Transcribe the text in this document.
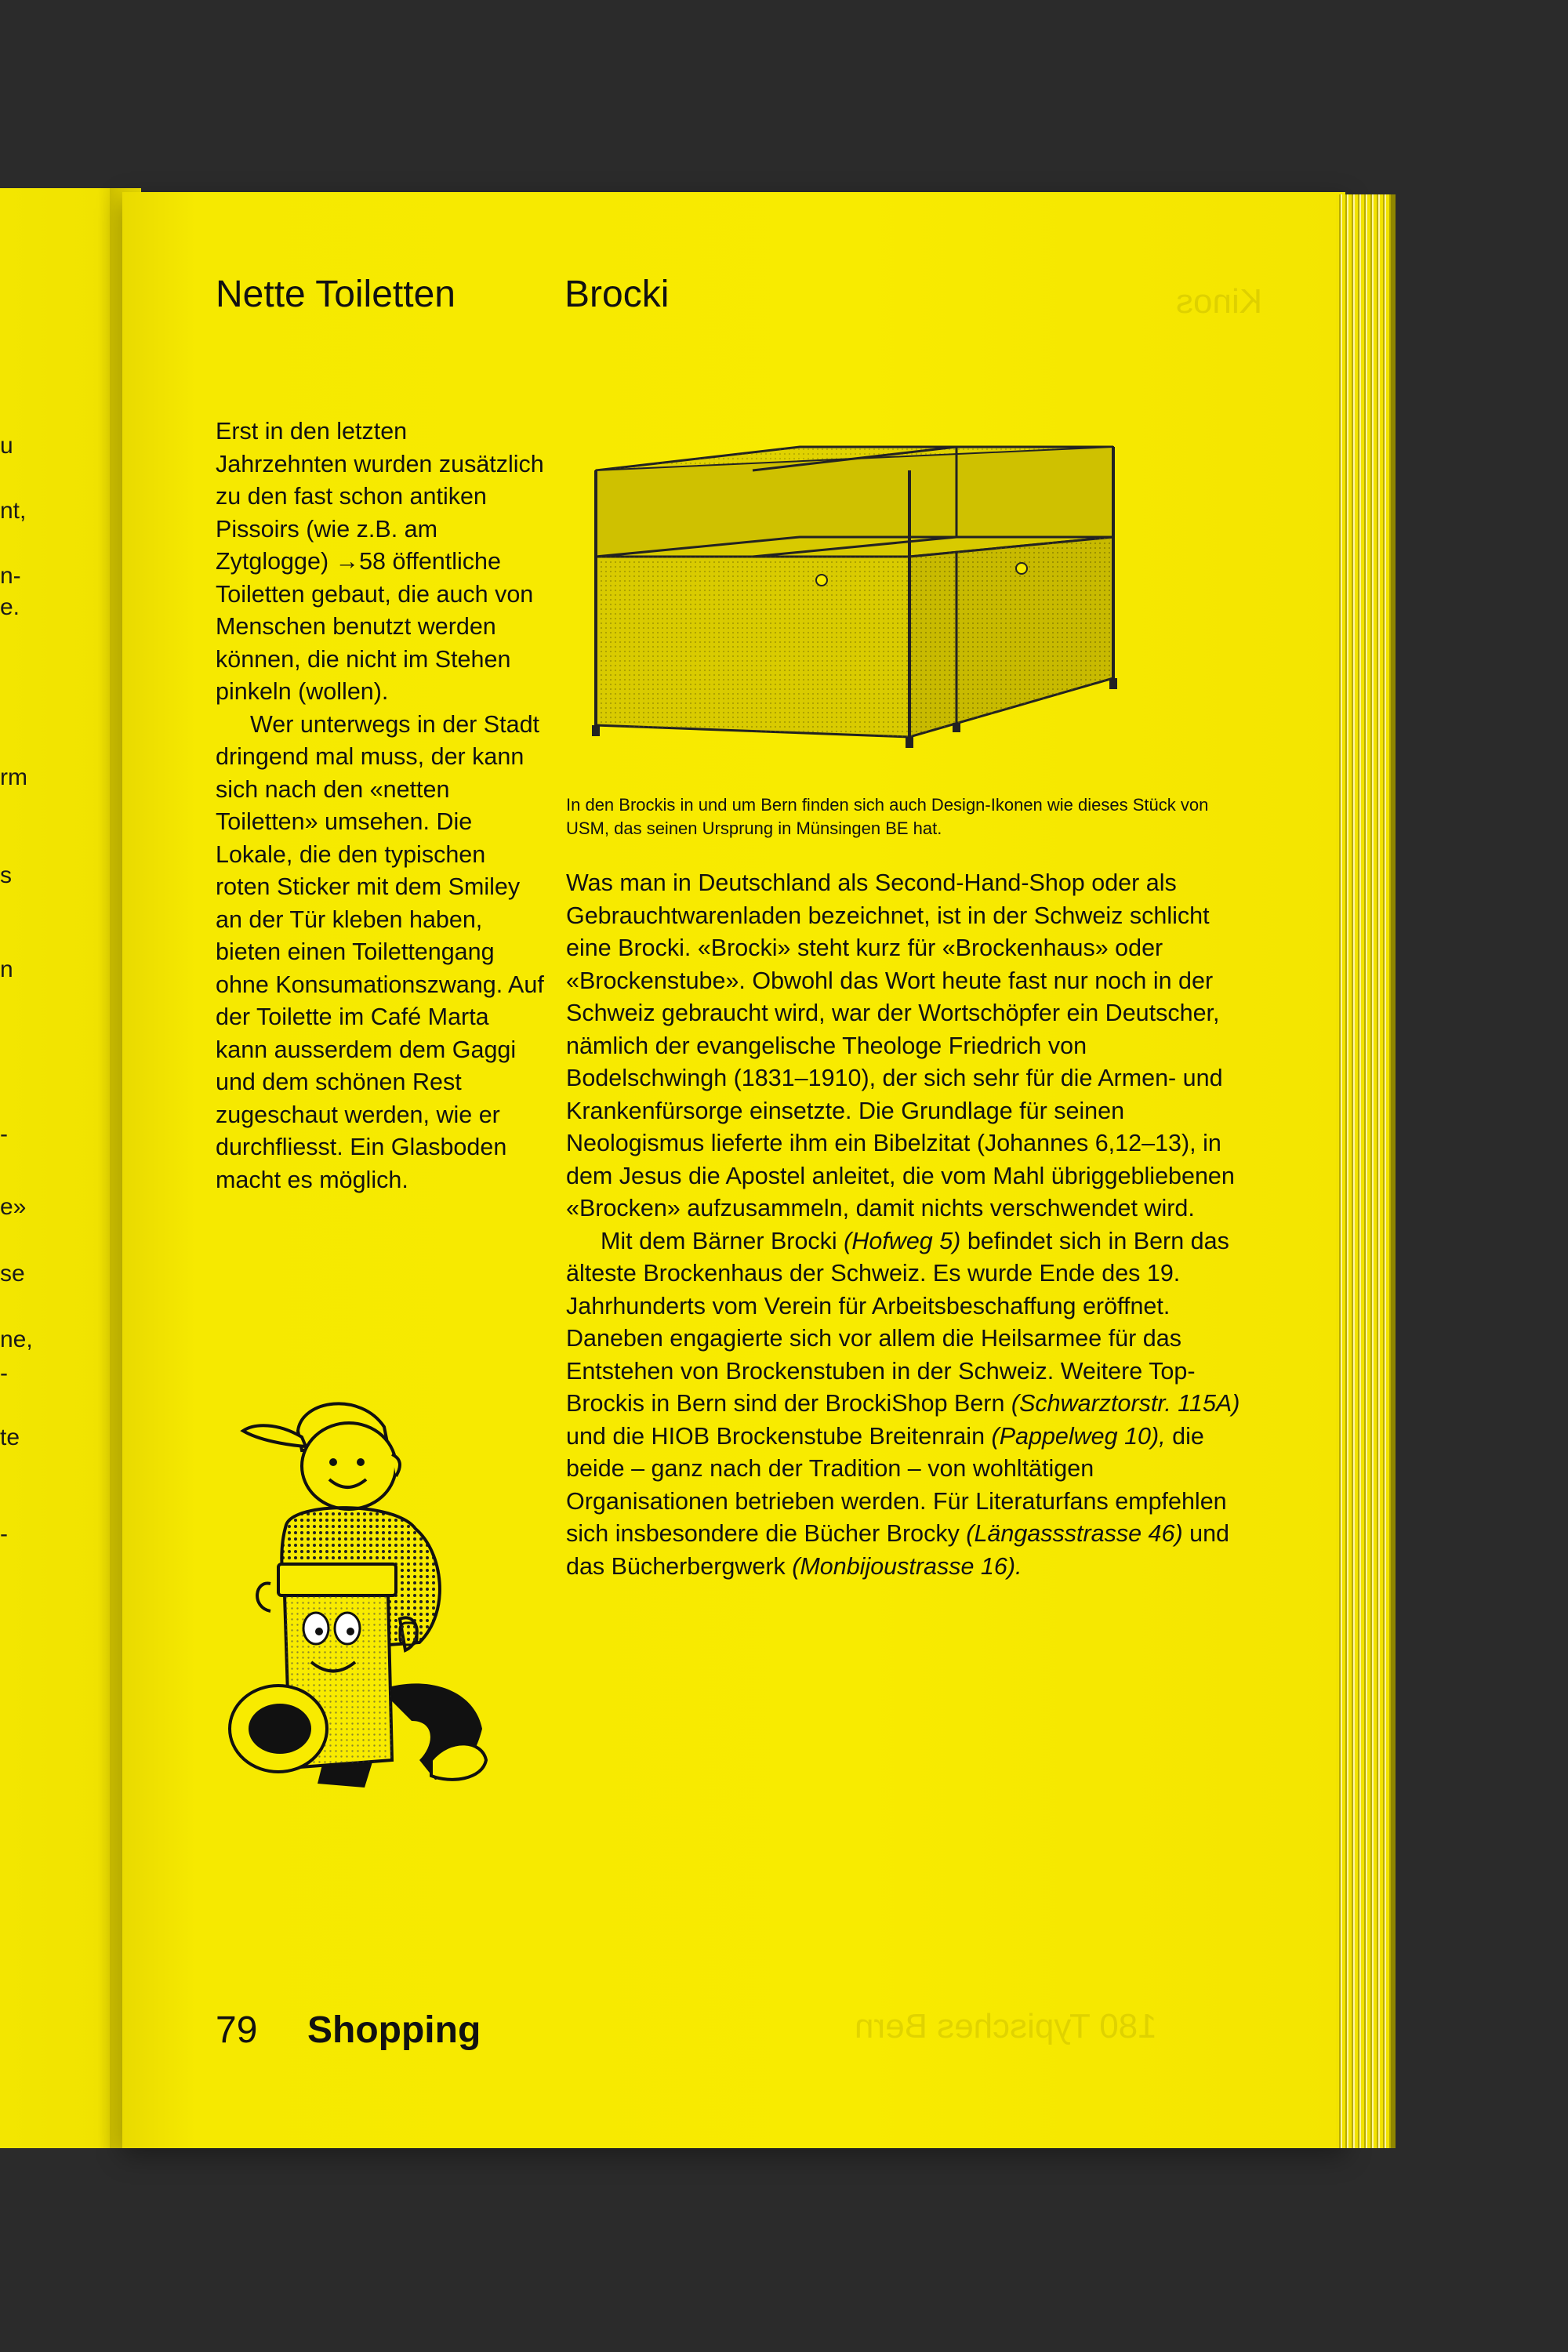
u
nt,
n-
e.
rm
s
n
-
e»
se
ne,
-
te
-
Kinos
180 Typisches Bern
Nette Toiletten	Brocki

Erst in den letzten Jahrzehnten wurden zusätzlich zu den fast schon antiken Pissoirs (wie z.B. am Zytglogge) →58 öffentliche Toiletten gebaut, die auch von Menschen benutzt werden können, die nicht im Stehen pinkeln (wollen).

Wer unterwegs in der Stadt dringend mal muss, der kann sich nach den «netten Toiletten» umsehen. Die Lokale, die den typischen roten Sticker mit dem Smiley an der Tür kleben haben, bieten einen Toilettengang ohne Konsumationszwang. Auf der Toilette im Café Marta kann ausserdem dem Gaggi und dem schönen Rest zugeschaut werden, wie er durchfliesst. Ein Glasboden macht es möglich.

In den Brockis in und um Bern finden sich auch Design-Ikonen wie dieses Stück von USM, das seinen Ursprung in Münsingen BE hat.

Was man in Deutschland als Second-Hand-Shop oder als Gebrauchtwarenladen bezeichnet, ist in der Schweiz schlicht eine Brocki. «Brocki» steht kurz für «Brockenhaus» oder «Brockenstube». Obwohl das Wort heute fast nur noch in der Schweiz gebraucht wird, war der Wortschöpfer ein Deutscher, nämlich der evangelische Theologe Friedrich von Bodelschwingh (1831–1910), der sich sehr für die Armen- und Krankenfürsorge einsetzte. Die Grundlage für seinen Neologismus lieferte ihm ein Bibelzitat (Johannes 6,12–13), in dem Jesus die Apostel anleitet, die vom Mahl übriggebliebenen «Brocken» aufzusammeln, damit nichts verschwendet wird.

Mit dem Bärner Brocki (Hofweg 5) befindet sich in Bern das älteste Brockenhaus der Schweiz. Es wurde Ende des 19. Jahrhunderts vom Verein für Arbeitsbeschaffung eröffnet. Daneben engagierte sich vor allem die Heilsarmee für das Entstehen von Brockenstuben in der Schweiz. Weitere Top-Brockis in Bern sind der BrockiShop Bern (Schwarztorstr. 115A) und die HIOB Brockenstube Breitenrain (Pappelweg 10), die beide – ganz nach der Tradition – von wohltätigen Organisationen betrieben werden. Für Literaturfans empfehlen sich insbesondere die Bücher Brocky (Längassstrasse 46) und das Bücherbergwerk (Monbijoustrasse 16).

79 Shopping
